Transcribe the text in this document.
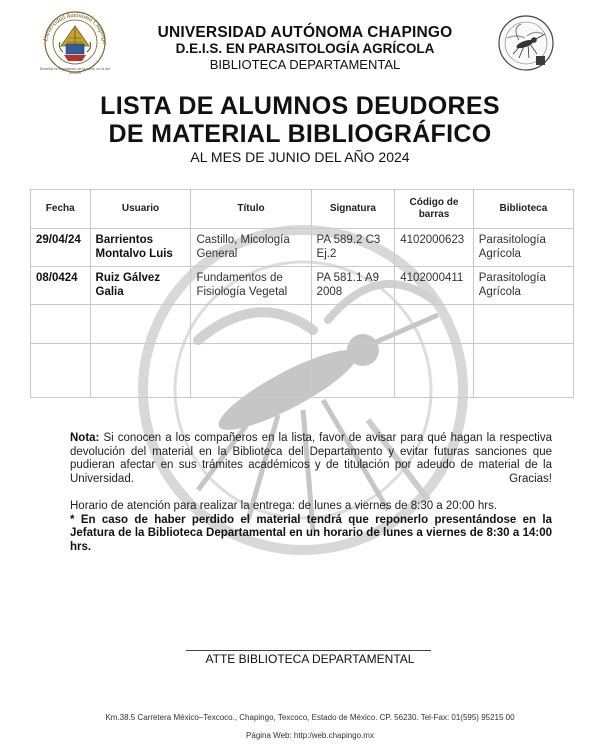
Universidad Autónoma Chapingo
Enseñar la explotación de la tierra, no la del hombre
UNIVERSIDAD AUTÓNOMA CHAPINGO
D.E.I.S. EN PARASITOLOGÍA AGRÍCOLA
BIBLIOTECA DEPARTAMENTAL
LISTA DE ALUMNOS DEUDORES
DE MATERIAL BIBLIOGRÁFICO
AL MES DE JUNIO DEL AÑO 2024
Fecha	Usuario	Título	Signatura	Código de barras	Biblioteca
29/04/24	Barrientos Montalvo Luis	Castillo, Micología General	PA 589.2 C3 Ej.2	4102000623	Parasitología Agrícola
08/0424	Ruiz Gálvez Galia	Fundamentos de Fisiología Vegetal	PA 581.1 A9 2008	4102000411	Parasitología Agrícola

Nota: Si conocen a los compañeros en la lista, favor de avisar para qué hagan la respectiva devolución del material en la Biblioteca del Departamento y evitar futuras sanciones que pudieran afectar en sus trámites académicos y de titulación por adeudo de material de la Universidad. Gracias!

Horario de atención para realizar la entrega: de lunes a viernes de 8:30 a 20:00 hrs.

* En caso de haber perdido el material tendrá que reponerlo presentándose en la Jefatura de la Biblioteca Departamental en un horario de lunes a viernes de 8:30 a 14:00 hrs.

ATTE BIBLIOTECA DEPARTAMENTAL
Km.38.5 Carretera México–Texcoco., Chapingo, Texcoco, Estado de México. CP. 56230. Tel-Fax: 01(595) 95215 00
Página Web: http:/web.chapingo.mx
